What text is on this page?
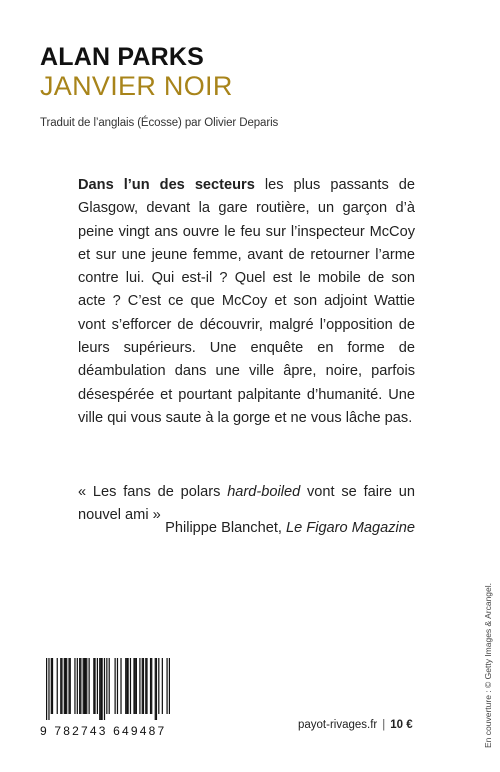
ALAN PARKS
JANVIER NOIR
Traduit de l’anglais (Écosse) par Olivier Deparis
Dans l’un des secteurs les plus passants de Glasgow, devant la gare routière, un garçon d’à peine vingt ans ouvre le feu sur l’inspecteur McCoy et sur une jeune femme, avant de retourner l’arme contre lui. Qui est-il ? Quel est le mobile de son acte ? C’est ce que McCoy et son adjoint Wattie vont s’efforcer de découvrir, malgré l’opposition de leurs supérieurs. Une enquête en forme de déambulation dans une ville âpre, noire, parfois désespérée et pourtant palpitante d’humanité. Une ville qui vous saute à la gorge et ne vous lâche pas.
« Les fans de polars hard-boiled vont se faire un nouvel ami »
Philippe Blanchet, Le Figaro Magazine
En couverture : © Getty Images & Arcangel.
9 782743 649487	payot-rivages.fr | 10 €
